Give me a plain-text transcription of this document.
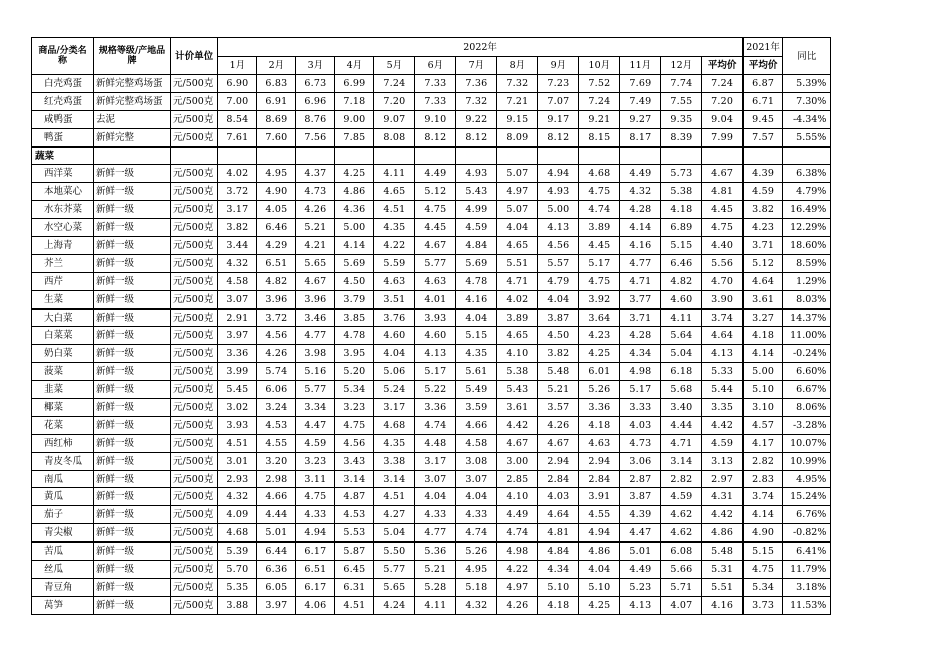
商品/分类名称	规格等级/产地品牌	计价单位	2022年													2021年	同比
			1月	2月	3月	4月	5月	6月	7月	8月	9月	10月	11月	12月	平均价	平均价	
白壳鸡蛋	新鲜完整鸡场蛋	元/500克	6.90	6.83	6.73	6.99	7.24	7.33	7.36	7.32	7.23	7.52	7.69	7.74	7.24	6.87	5.39%
红壳鸡蛋	新鲜完整鸡场蛋	元/500克	7.00	6.91	6.96	7.18	7.20	7.33	7.32	7.21	7.07	7.24	7.49	7.55	7.20	6.71	7.30%
咸鸭蛋	去泥	元/500克	8.54	8.69	8.76	9.00	9.07	9.10	9.22	9.15	9.17	9.21	9.27	9.35	9.04	9.45	-4.34%
鸭蛋	新鲜完整	元/500克	7.61	7.60	7.56	7.85	8.08	8.12	8.12	8.09	8.12	8.15	8.17	8.39	7.99	7.57	5.55%
蔬菜																	
西洋菜	新鲜一级	元/500克	4.02	4.95	4.37	4.25	4.11	4.49	4.93	5.07	4.94	4.68	4.49	5.73	4.67	4.39	6.38%
本地菜心	新鲜一级	元/500克	3.72	4.90	4.73	4.86	4.65	5.12	5.43	4.97	4.93	4.75	4.32	5.38	4.81	4.59	4.79%
水东芥菜	新鲜一级	元/500克	3.17	4.05	4.26	4.36	4.51	4.75	4.99	5.07	5.00	4.74	4.28	4.18	4.45	3.82	16.49%
水空心菜	新鲜一级	元/500克	3.82	6.46	5.21	5.00	4.35	4.45	4.59	4.04	4.13	3.89	4.14	6.89	4.75	4.23	12.29%
上海青	新鲜一级	元/500克	3.44	4.29	4.21	4.14	4.22	4.67	4.84	4.65	4.56	4.45	4.16	5.15	4.40	3.71	18.60%
芥兰	新鲜一级	元/500克	4.32	6.51	5.65	5.69	5.59	5.77	5.69	5.51	5.57	5.17	4.77	6.46	5.56	5.12	8.59%
西芹	新鲜一级	元/500克	4.58	4.82	4.67	4.50	4.63	4.63	4.78	4.71	4.79	4.75	4.71	4.82	4.70	4.64	1.29%
生菜	新鲜一级	元/500克	3.07	3.96	3.96	3.79	3.51	4.01	4.16	4.02	4.04	3.92	3.77	4.60	3.90	3.61	8.03%
大白菜	新鲜一级	元/500克	2.91	3.72	3.46	3.85	3.76	3.93	4.04	3.89	3.87	3.64	3.71	4.11	3.74	3.27	14.37%
白菜菜	新鲜一级	元/500克	3.97	4.56	4.77	4.78	4.60	4.60	5.15	4.65	4.50	4.23	4.28	5.64	4.64	4.18	11.00%
奶白菜	新鲜一级	元/500克	3.36	4.26	3.98	3.95	4.04	4.13	4.35	4.10	3.82	4.25	4.34	5.04	4.13	4.14	-0.24%
菠菜	新鲜一级	元/500克	3.99	5.74	5.16	5.20	5.06	5.17	5.61	5.38	5.48	6.01	4.98	6.18	5.33	5.00	6.60%
韭菜	新鲜一级	元/500克	5.45	6.06	5.77	5.34	5.24	5.22	5.49	5.43	5.21	5.26	5.17	5.68	5.44	5.10	6.67%
椰菜	新鲜一级	元/500克	3.02	3.24	3.34	3.23	3.17	3.36	3.59	3.61	3.57	3.36	3.33	3.40	3.35	3.10	8.06%
花菜	新鲜一级	元/500克	3.93	4.53	4.47	4.75	4.68	4.74	4.66	4.42	4.26	4.18	4.03	4.44	4.42	4.57	-3.28%
西红柿	新鲜一级	元/500克	4.51	4.55	4.59	4.56	4.35	4.48	4.58	4.67	4.67	4.63	4.73	4.71	4.59	4.17	10.07%
青皮冬瓜	新鲜一级	元/500克	3.01	3.20	3.23	3.43	3.38	3.17	3.08	3.00	2.94	2.94	3.06	3.14	3.13	2.82	10.99%
南瓜	新鲜一级	元/500克	2.93	2.98	3.11	3.14	3.14	3.07	3.07	2.85	2.84	2.84	2.87	2.82	2.97	2.83	4.95%
黄瓜	新鲜一级	元/500克	4.32	4.66	4.75	4.87	4.51	4.04	4.04	4.10	4.03	3.91	3.87	4.59	4.31	3.74	15.24%
茄子	新鲜一级	元/500克	4.09	4.44	4.33	4.53	4.27	4.33	4.33	4.49	4.64	4.55	4.39	4.62	4.42	4.14	6.76%
青尖椒	新鲜一级	元/500克	4.68	5.01	4.94	5.53	5.04	4.77	4.74	4.74	4.81	4.94	4.47	4.62	4.86	4.90	-0.82%
苦瓜	新鲜一级	元/500克	5.39	6.44	6.17	5.87	5.50	5.36	5.26	4.98	4.84	4.86	5.01	6.08	5.48	5.15	6.41%
丝瓜	新鲜一级	元/500克	5.70	6.36	6.51	6.45	5.77	5.21	4.95	4.22	4.34	4.04	4.49	5.66	5.31	4.75	11.79%
青豆角	新鲜一级	元/500克	5.35	6.05	6.17	6.31	5.65	5.28	5.18	4.97	5.10	5.10	5.23	5.71	5.51	5.34	3.18%
莴笋	新鲜一级	元/500克	3.88	3.97	4.06	4.51	4.24	4.11	4.32	4.26	4.18	4.25	4.13	4.07	4.16	3.73	11.53%
